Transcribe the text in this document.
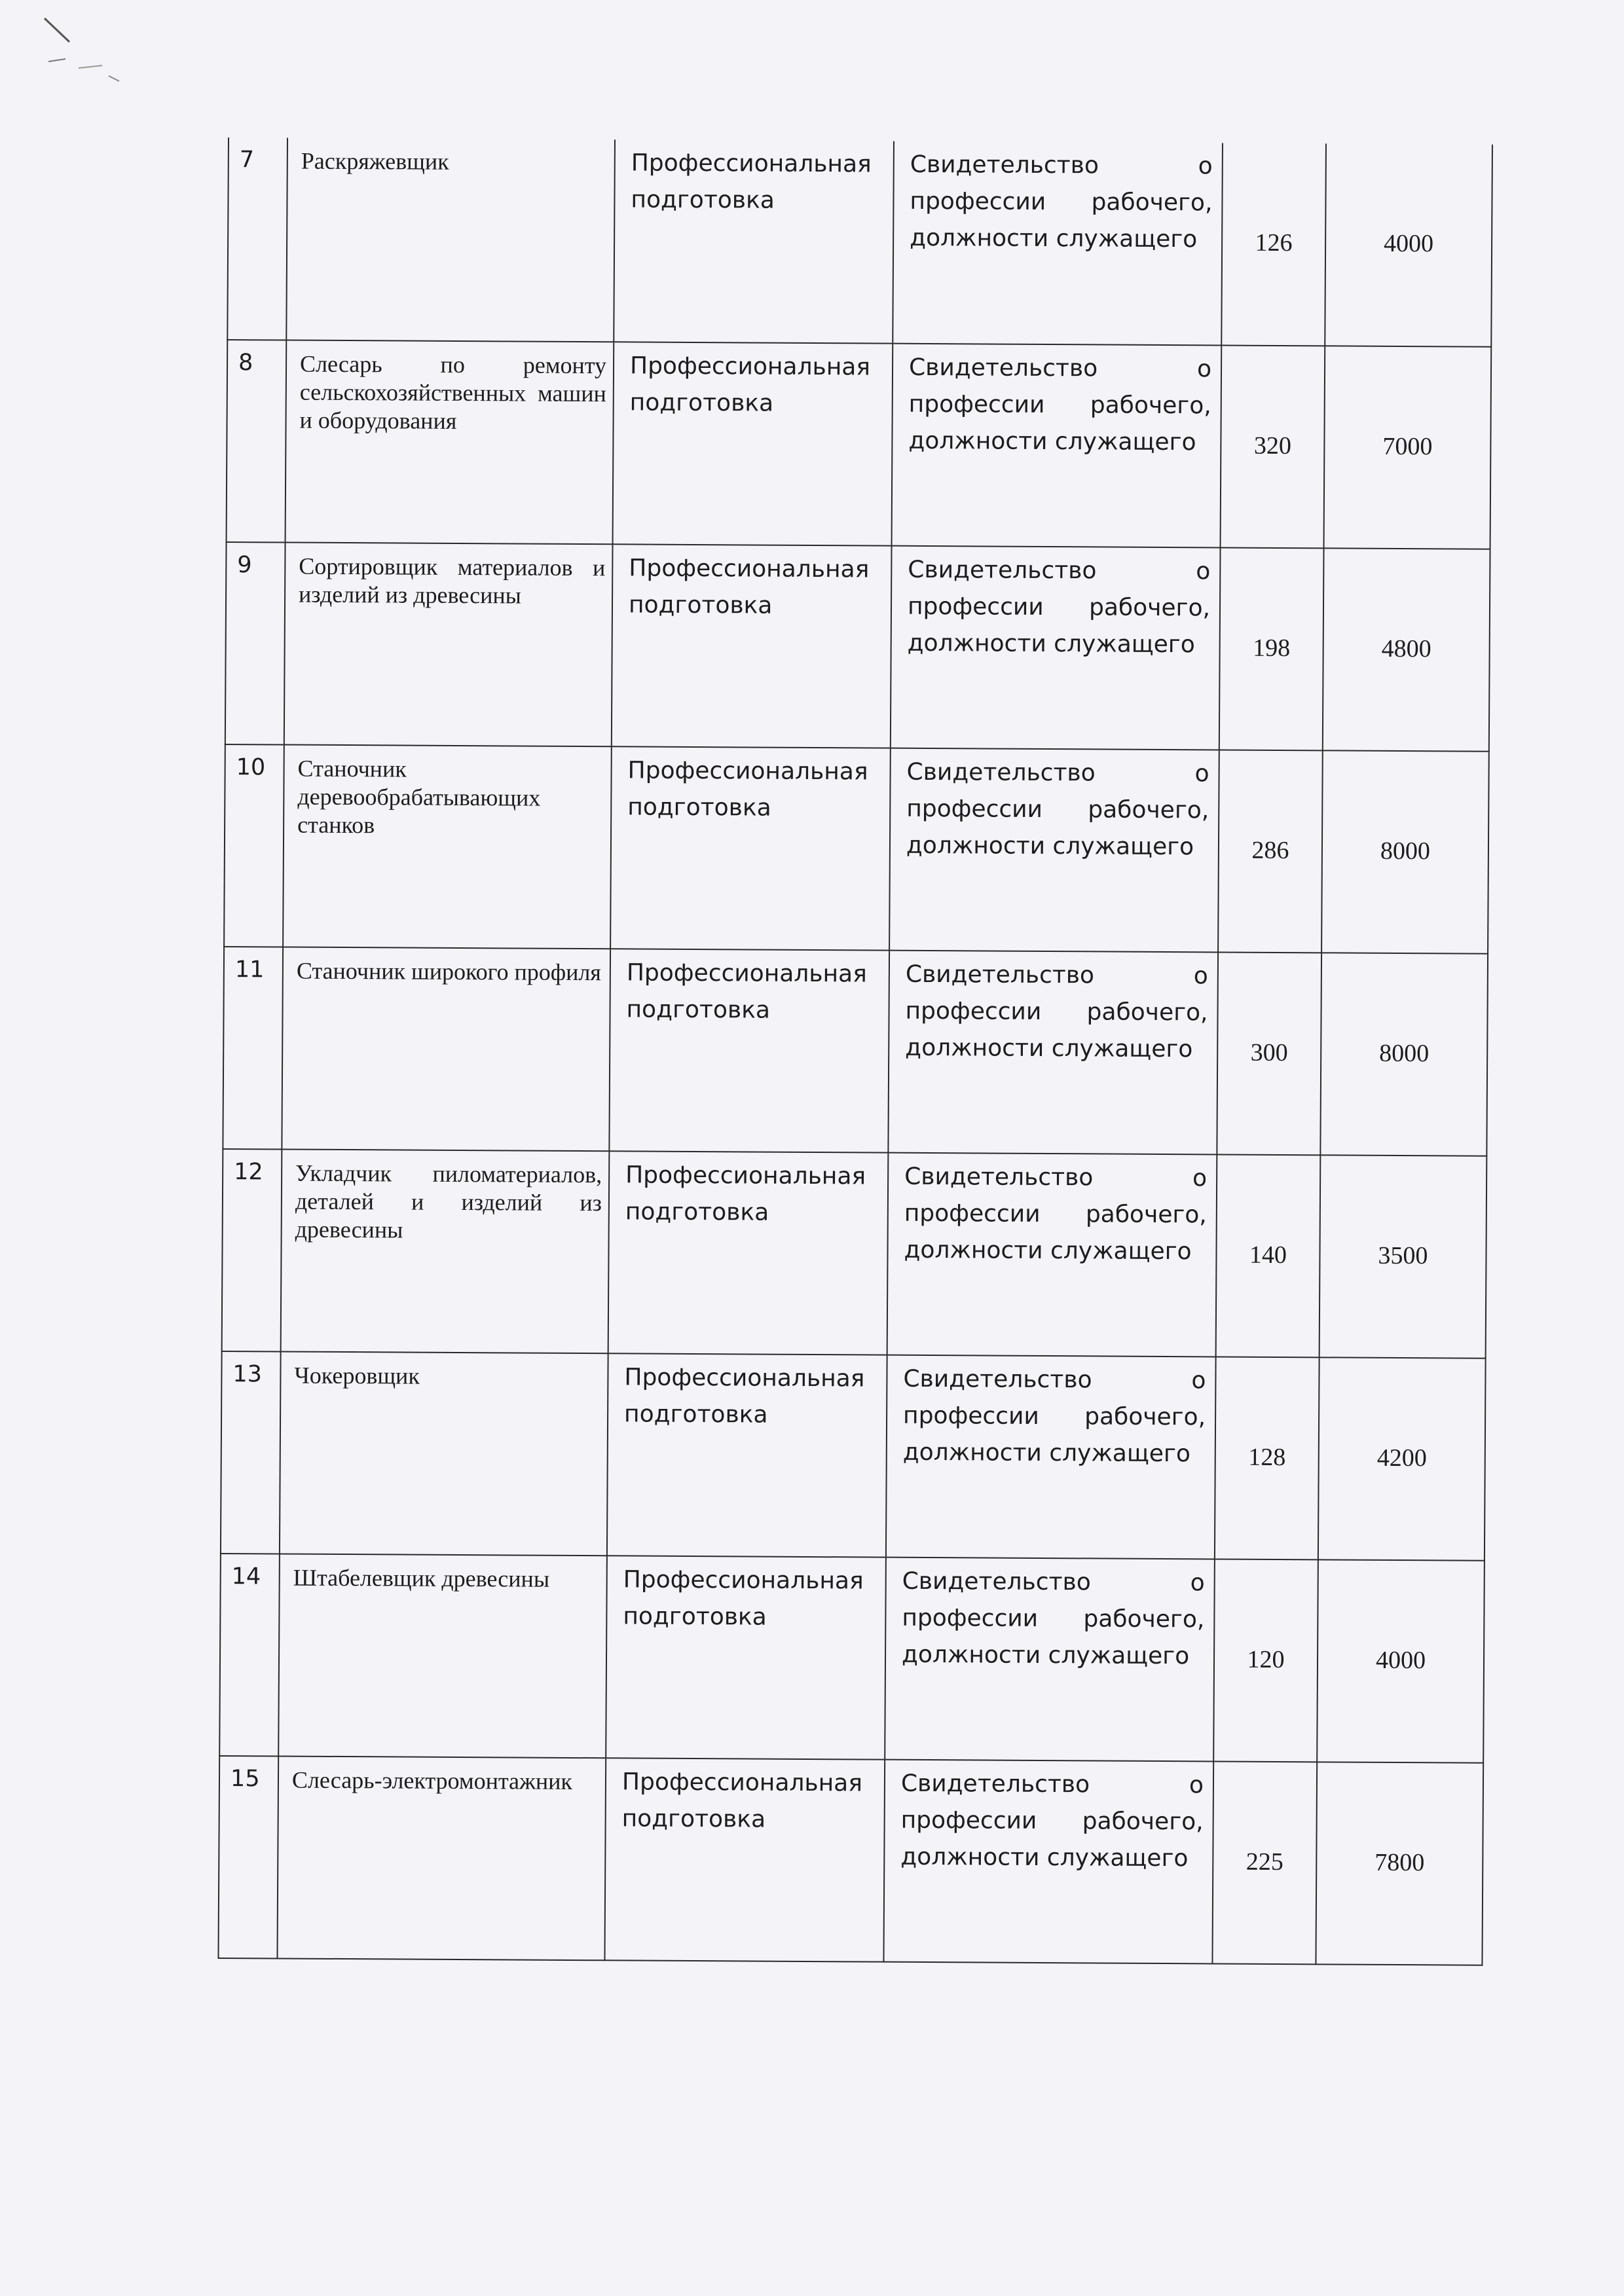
7	Раскряжевщик	Профессиональная подготовка	Свидетельство о
профессии рабочего,
должности служащего	126	4000
8	Слесарь по ремонту сельскохозяйственных машин и оборудования	Профессиональная подготовка	Свидетельство о
профессии рабочего,
должности служащего	320	7000
9	Сортировщик материалов и изделий из древесины	Профессиональная подготовка	Свидетельство о
профессии рабочего,
должности служащего	198	4800
10	Станочник деревообрабатывающих станков	Профессиональная подготовка	Свидетельство о
профессии рабочего,
должности служащего	286	8000
11	Станочник широкого профиля	Профессиональная подготовка	Свидетельство о
профессии рабочего,
должности служащего	300	8000
12	Укладчик пиломатериалов, деталей и изделий из древесины	Профессиональная подготовка	Свидетельство о
профессии рабочего,
должности служащего	140	3500
13	Чокеровщик	Профессиональная подготовка	Свидетельство о
профессии рабочего,
должности служащего	128	4200
14	Штабелевщик древесины	Профессиональная подготовка	Свидетельство о
профессии рабочего,
должности служащего	120	4000
15	Слесарь-электромонтажник	Профессиональная подготовка	Свидетельство о
профессии рабочего,
должности служащего	225	7800
